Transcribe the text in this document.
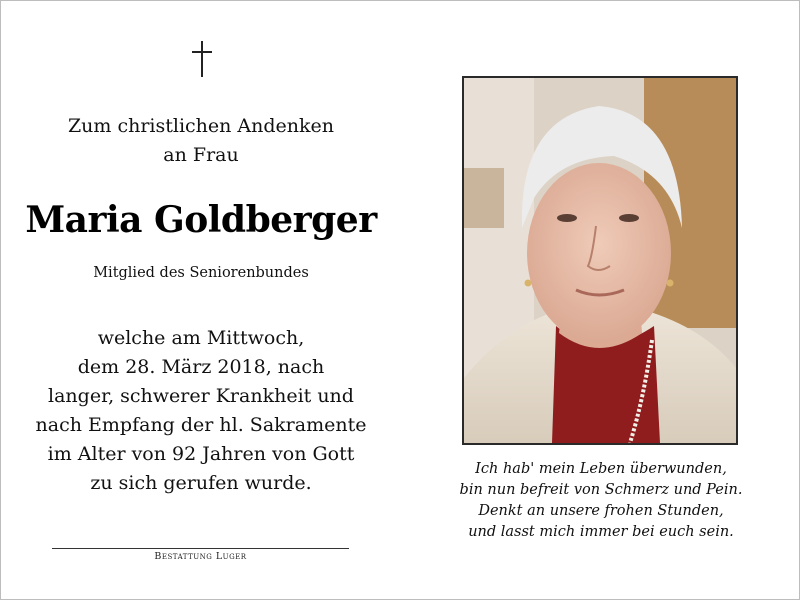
Zum christlichen Andenken
an Frau
Maria Goldberger
Mitglied des Seniorenbundes
welche am Mittwoch,
dem 28. März 2018, nach
langer, schwerer Krankheit und
nach Empfang der hl. Sakramente
im Alter von 92 Jahren von Gott
zu sich gerufen wurde.
Bestattung Luger
Ich hab' mein Leben überwunden,
bin nun befreit von Schmerz und Pein.
Denkt an unsere frohen Stunden,
und lasst mich immer bei euch sein.
